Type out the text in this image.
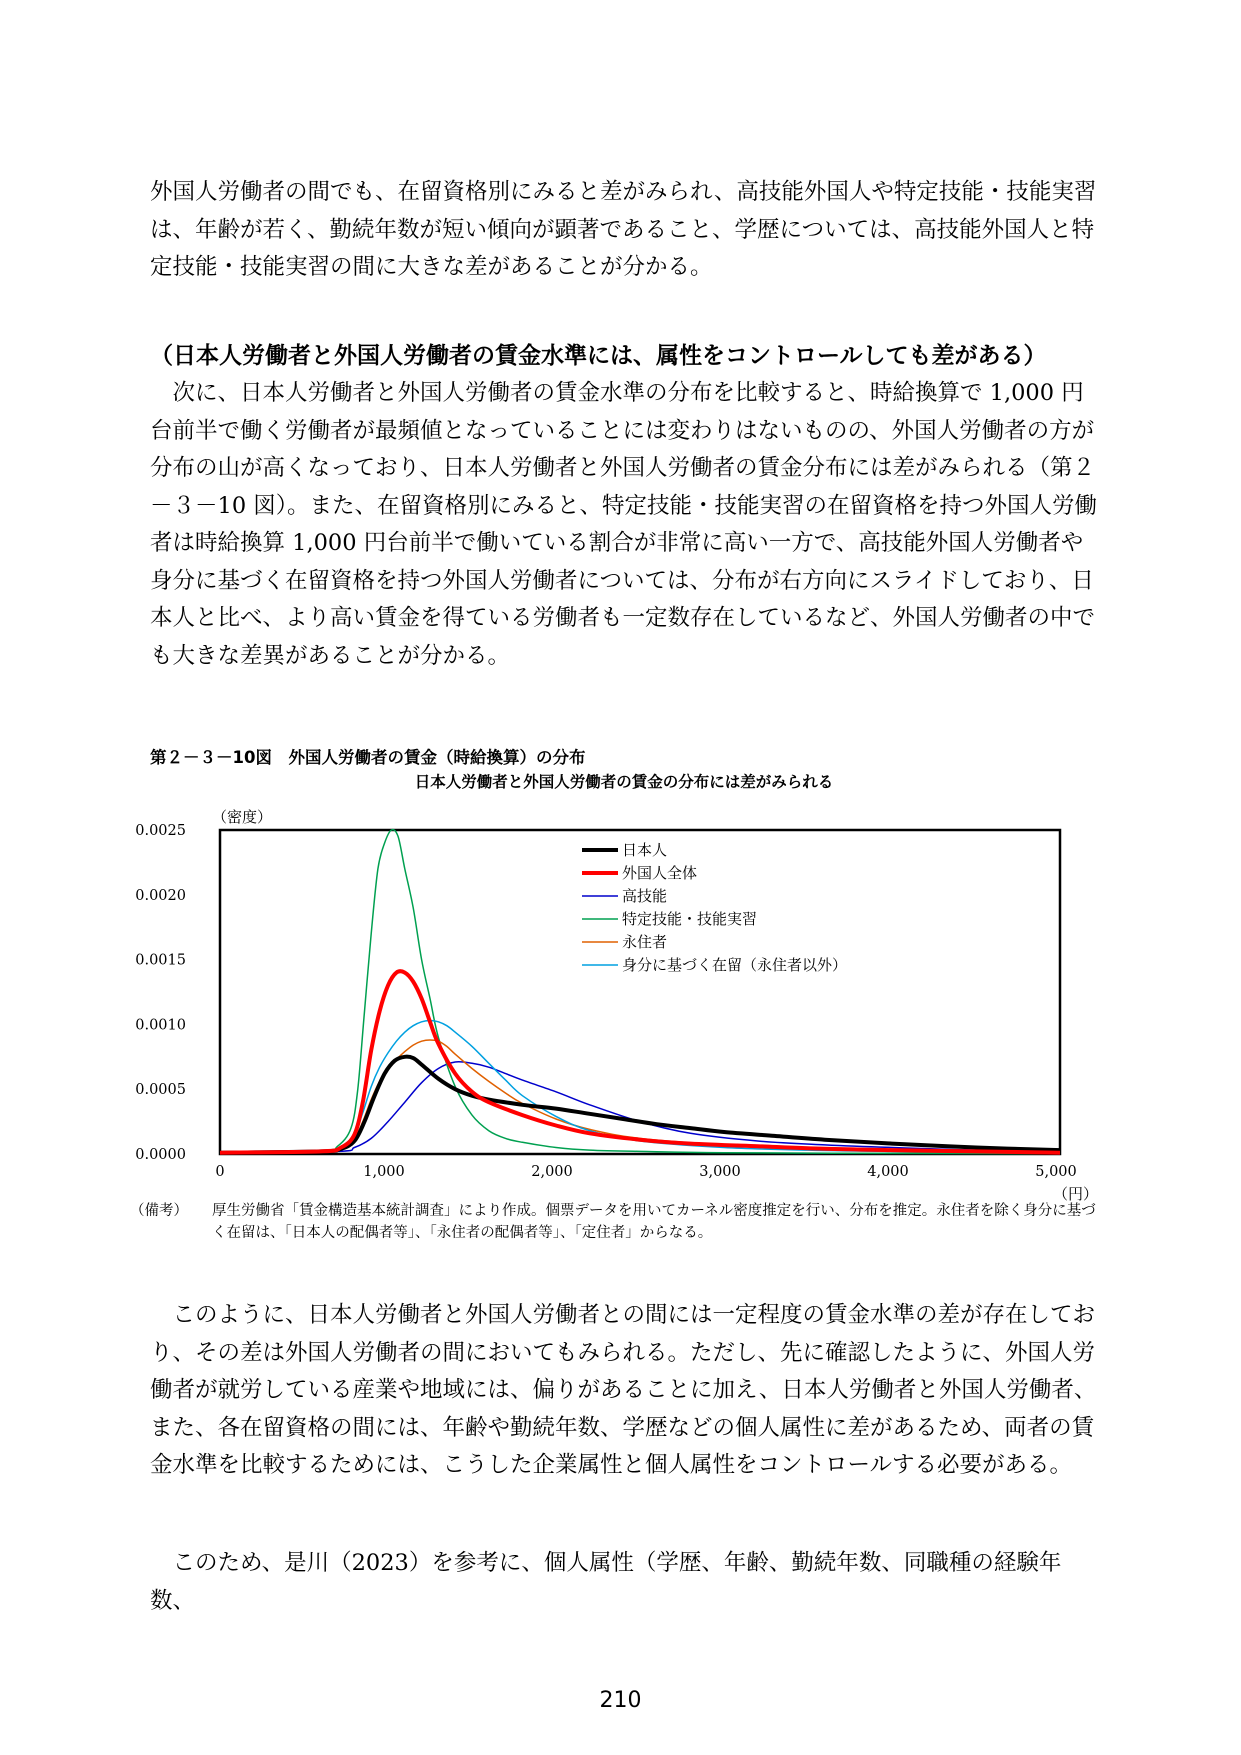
外国人労働者の間でも、在留資格別にみると差がみられ、高技能外国人や特定技能・技能実習は、年齢が若く、勤続年数が短い傾向が顕著であること、学歴については、高技能外国人と特定技能・技能実習の間に大きな差があることが分かる。

（日本人労働者と外国人労働者の賃金水準には、属性をコントロールしても差がある）

　次に、日本人労働者と外国人労働者の賃金水準の分布を比較すると、時給換算で 1,000 円台前半で働く労働者が最頻値となっていることには変わりはないものの、外国人労働者の方が分布の山が高くなっており、日本人労働者と外国人労働者の賃金分布には差がみられる（第２－３－10 図）。また、在留資格別にみると、特定技能・技能実習の在留資格を持つ外国人労働者は時給換算 1,000 円台前半で働いている割合が非常に高い一方で、高技能外国人労働者や身分に基づく在留資格を持つ外国人労働者については、分布が右方向にスライドしており、日本人と比べ、より高い賃金を得ている労働者も一定数存在しているなど、外国人労働者の中でも大きな差異があることが分かる。

第２－３－10図　外国人労働者の賃金（時給換算）の分布

日本人労働者と外国人労働者の賃金の分布には差がみられる

0.0025
0.0020
0.0015
0.0010
0.0005
0.0000
0	1,000	2,000	3,000	4,000	5,000
（密度）
（円）
日本人
外国人全体
高技能
特定技能・技能実習
永住者
身分に基づく在留（永住者以外）
（備考） 厚生労働省「賃金構造基本統計調査」により作成。個票データを用いてカーネル密度推定を行い、分布を推定。永住者を除く身分に基づく在留は、「日本人の配偶者等」、「永住者の配偶者等」、「定住者」からなる。

　このように、日本人労働者と外国人労働者との間には一定程度の賃金水準の差が存在しており、その差は外国人労働者の間においてもみられる。ただし、先に確認したように、外国人労働者が就労している産業や地域には、偏りがあることに加え、日本人労働者と外国人労働者、また、各在留資格の間には、年齢や勤続年数、学歴などの個人属性に差があるため、両者の賃金水準を比較するためには、こうした企業属性と個人属性をコントロールする必要がある。

　このため、是川（2023）を参考に、個人属性（学歴、年齢、勤続年数、同職種の経験年数、

210
